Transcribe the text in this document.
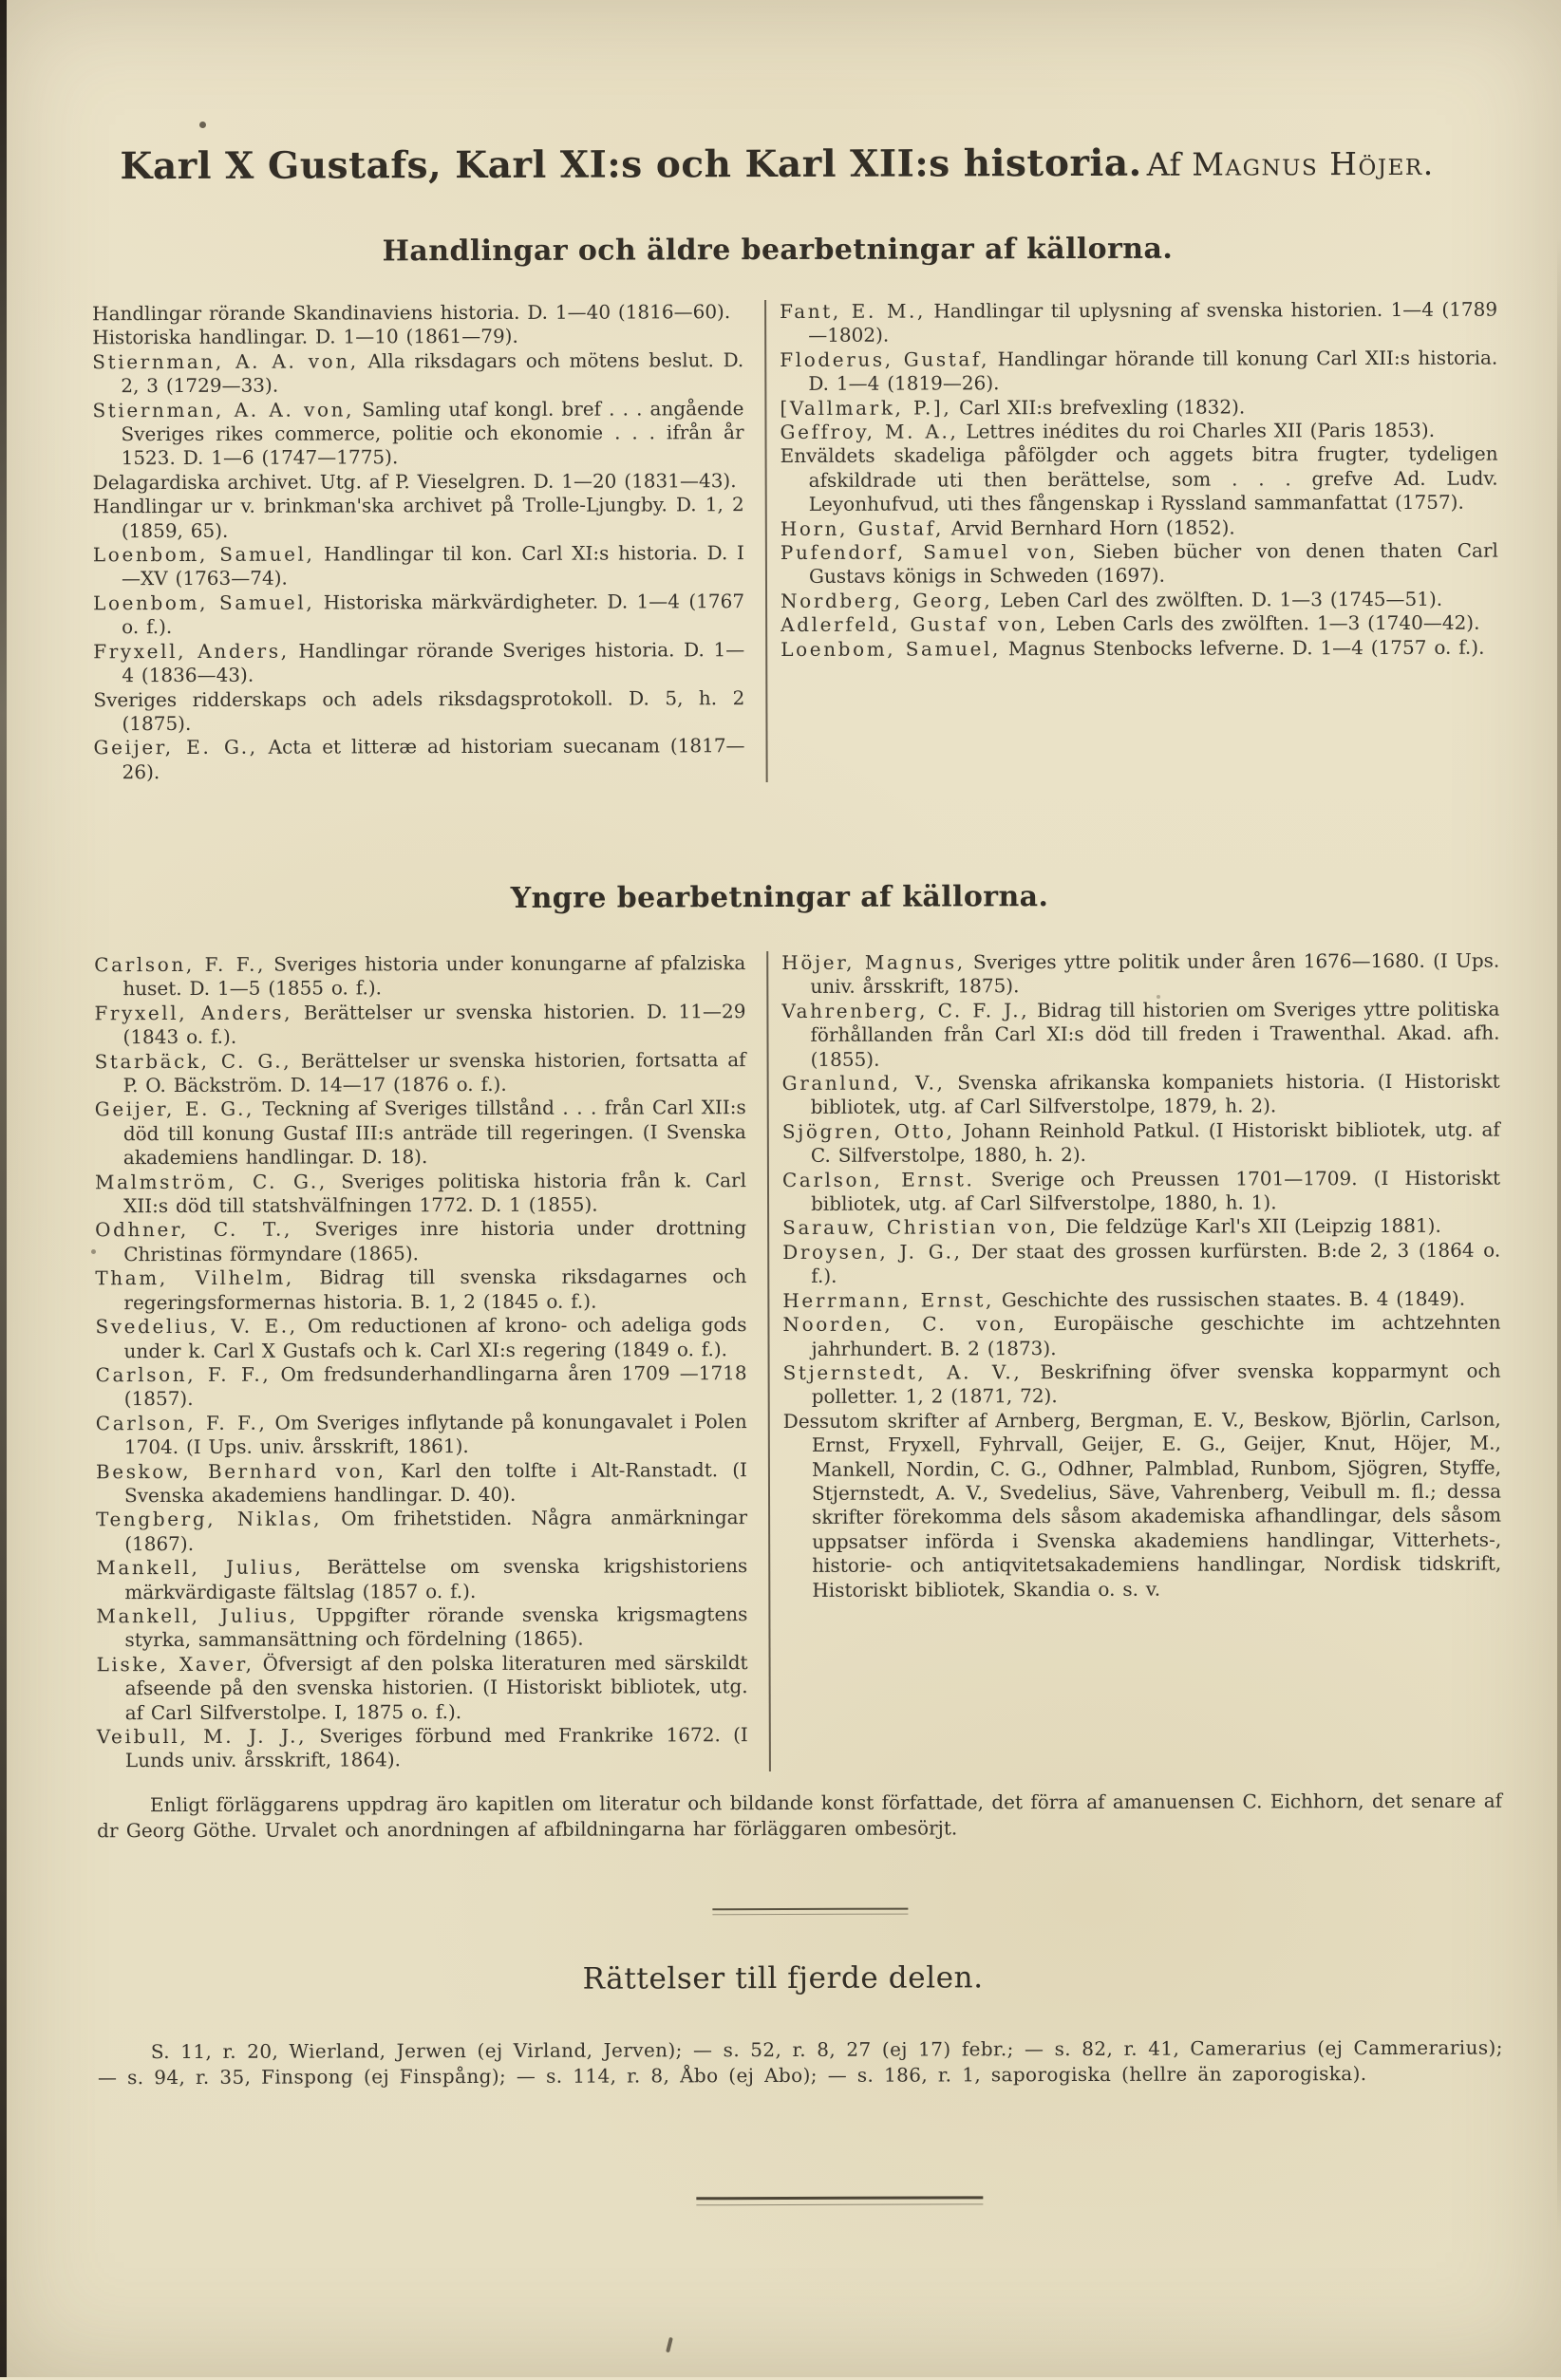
Karl X Gustafs, Karl XI:s och Karl XII:s historia. Af Magnus Höjer.
Handlingar och äldre bearbetningar af källorna.
Handlingar rörande Skandinaviens historia. D. 1—40 (1816—60).
Historiska handlingar. D. 1—10 (1861—79).
Stiernman, A. A. von, Alla riksdagars och mötens beslut. D. 2, 3 (1729—33).
Stiernman, A. A. von, Samling utaf kongl. bref . . . angående Sveriges rikes commerce, politie och ekonomie . . . ifrån år 1523. D. 1—6 (1747—1775).
Delagardiska archivet. Utg. af P. Vieselgren. D. 1—20 (1831—43).
Handlingar ur v. brinkman'ska archivet på Trolle-Ljungby. D. 1, 2 (1859, 65).
Loenbom, Samuel, Handlingar til kon. Carl XI:s historia. D. I—XV (1763—74).
Loenbom, Samuel, Historiska märkvärdigheter. D. 1—4 (1767 o. f.).
Fryxell, Anders, Handlingar rörande Sveriges historia. D. 1—4 (1836—43).
Sveriges ridderskaps och adels riksdagsprotokoll. D. 5, h. 2 (1875).
Geijer, E. G., Acta et litteræ ad historiam suecanam (1817—26).
Fant, E. M., Handlingar til uplysning af svenska historien. 1—4 (1789—1802).
Floderus, Gustaf, Handlingar hörande till konung Carl XII:s historia. D. 1—4 (1819—26).
[Vallmark, P.], Carl XII:s brefvexling (1832).
Geffroy, M. A., Lettres inédites du roi Charles XII (Paris 1853).
Enväldets skadeliga påfölgder och aggets bitra frugter, tydeligen afskildrade uti then berättelse, som . . . grefve Ad. Ludv. Leyonhufvud, uti thes fångenskap i Ryssland sammanfattat (1757).
Horn, Gustaf, Arvid Bernhard Horn (1852).
Pufendorf, Samuel von, Sieben bücher von denen thaten Carl Gustavs königs in Schweden (1697).
Nordberg, Georg, Leben Carl des zwölften. D. 1—3 (1745—51).
Adlerfeld, Gustaf von, Leben Carls des zwölften. 1—3 (1740—42).
Loenbom, Samuel, Magnus Stenbocks lefverne. D. 1—4 (1757 o. f.).
Yngre bearbetningar af källorna.
Carlson, F. F., Sveriges historia under konungarne af pfalziska huset. D. 1—5 (1855 o. f.).
Fryxell, Anders, Berättelser ur svenska historien. D. 11—29 (1843 o. f.).
Starbäck, C. G., Berättelser ur svenska historien, fortsatta af P. O. Bäckström. D. 14—17 (1876 o. f.).
Geijer, E. G., Teckning af Sveriges tillstånd . . . från Carl XII:s död till konung Gustaf III:s anträde till regeringen. (I Svenska akademiens handlingar. D. 18).
Malmström, C. G., Sveriges politiska historia från k. Carl XII:s död till statshvälfningen 1772. D. 1 (1855).
Odhner, C. T., Sveriges inre historia under drottning Christinas förmyndare (1865).
Tham, Vilhelm, Bidrag till svenska riksdagarnes och regeringsformernas historia. B. 1, 2 (1845 o. f.).
Svedelius, V. E., Om reductionen af krono- och adeliga gods under k. Carl X Gustafs och k. Carl XI:s regering (1849 o. f.).
Carlson, F. F., Om fredsunderhandlingarna åren 1709 —1718 (1857).
Carlson, F. F., Om Sveriges inflytande på konungavalet i Polen 1704. (I Ups. univ. årsskrift, 1861).
Beskow, Bernhard von, Karl den tolfte i Alt-Ranstadt. (I Svenska akademiens handlingar. D. 40).
Tengberg, Niklas, Om frihetstiden. Några anmärkningar (1867).
Mankell, Julius, Berättelse om svenska krigshistoriens märkvärdigaste fältslag (1857 o. f.).
Mankell, Julius, Uppgifter rörande svenska krigsmagtens styrka, sammansättning och fördelning (1865).
Liske, Xaver, Öfversigt af den polska literaturen med särskildt afseende på den svenska historien. (I Historiskt bibliotek, utg. af Carl Silfverstolpe. I, 1875 o. f.).
Veibull, M. J. J., Sveriges förbund med Frankrike 1672. (I Lunds univ. årsskrift, 1864).
Höjer, Magnus, Sveriges yttre politik under åren 1676—1680. (I Ups. univ. årsskrift, 1875).
Vahrenberg, C. F. J., Bidrag till historien om Sveriges yttre politiska förhållanden från Carl XI:s död till freden i Trawenthal. Akad. afh. (1855).
Granlund, V., Svenska afrikanska kompaniets historia. (I Historiskt bibliotek, utg. af Carl Silfverstolpe, 1879, h. 2).
Sjögren, Otto, Johann Reinhold Patkul. (I Historiskt bibliotek, utg. af C. Silfverstolpe, 1880, h. 2).
Carlson, Ernst. Sverige och Preussen 1701—1709. (I Historiskt bibliotek, utg. af Carl Silfverstolpe, 1880, h. 1).
Sarauw, Christian von, Die feldzüge Karl's XII (Leipzig 1881).
Droysen, J. G., Der staat des grossen kurfürsten. B:de 2, 3 (1864 o. f.).
Herrmann, Ernst, Geschichte des russischen staates. B. 4 (1849).
Noorden, C. von, Europäische geschichte im achtzehnten jahrhundert. B. 2 (1873).
Stjernstedt, A. V., Beskrifning öfver svenska kopparmynt och polletter. 1, 2 (1871, 72).
Dessutom skrifter af Arnberg, Bergman, E. V., Beskow, Björlin, Carlson, Ernst, Fryxell, Fyhrvall, Geijer, E. G., Geijer, Knut, Höjer, M., Mankell, Nordin, C. G., Odhner, Palmblad, Runbom, Sjögren, Styffe, Stjernstedt, A. V., Svedelius, Säve, Vahrenberg, Veibull m. fl.; dessa skrifter förekomma dels såsom akademiska afhandlingar, dels såsom uppsatser införda i Svenska akademiens handlingar, Vitterhets-, historie- och antiqvitetsakademiens handlingar, Nordisk tidskrift, Historiskt bibliotek, Skandia o. s. v.
Enligt förläggarens uppdrag äro kapitlen om literatur och bildande konst författade, det förra af amanuensen C. Eichhorn, det senare af dr Georg Göthe. Urvalet och anordningen af afbildningarna har förläggaren ombesörjt.
Rättelser till fjerde delen.
S. 11, r. 20, Wierland, Jerwen (ej Virland, Jerven); — s. 52, r. 8, 27 (ej 17) febr.; — s. 82, r. 41, Camerarius (ej Cammerarius); — s. 94, r. 35, Finspong (ej Finspång); — s. 114, r. 8, Åbo (ej Abo); — s. 186, r. 1, saporogiska (hellre än zaporogiska).
